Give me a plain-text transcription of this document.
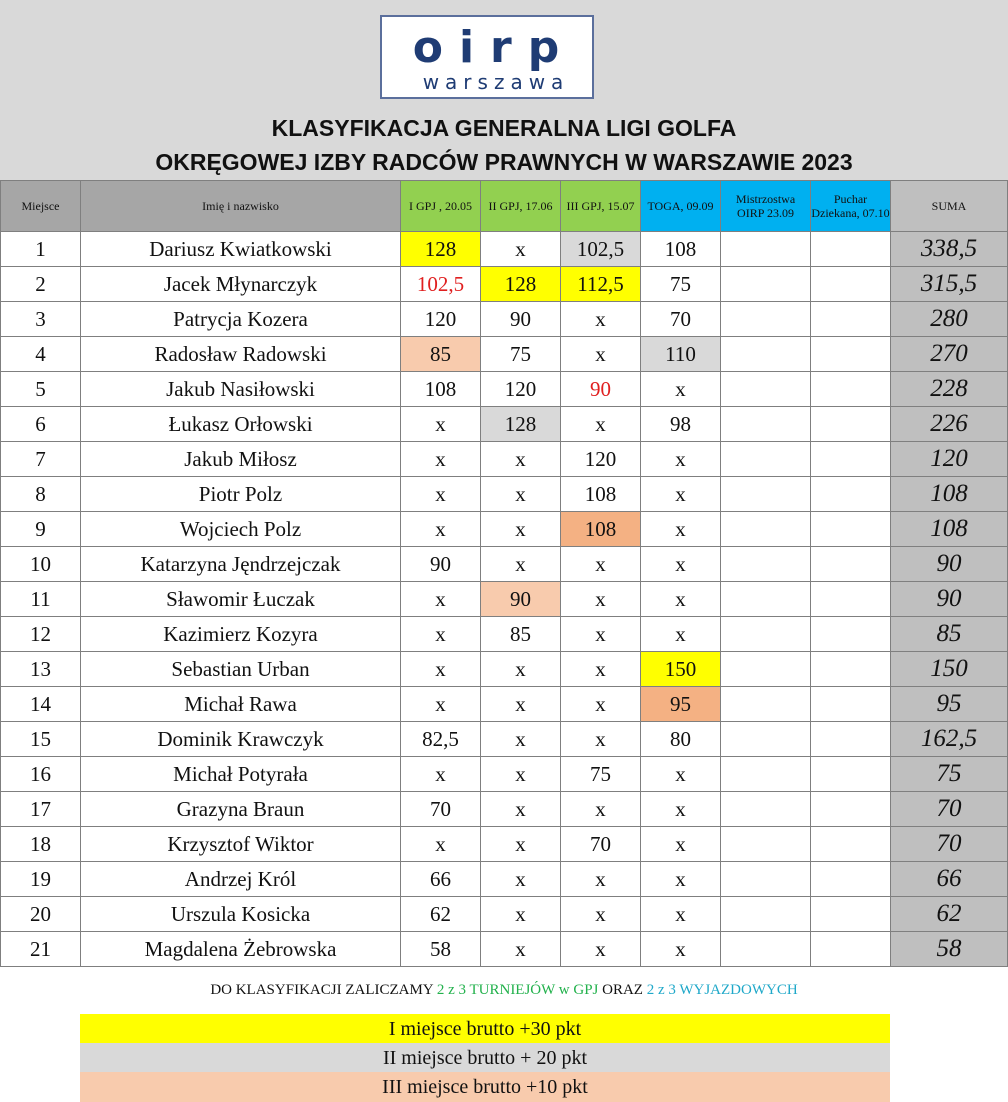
oirp
warszawa
KLASYFIKACJA GENERALNA LIGI GOLFA
OKRĘGOWEJ IZBY RADCÓW PRAWNYCH W WARSZAWIE 2023
Miejsce	Imię i nazwisko	I GPJ , 20.05	II GPJ, 17.06	III GPJ, 15.07	TOGA, 09.09	Mistrzostwa OIRP 23.09	Puchar Dziekana, 07.10	SUMA
1	Dariusz Kwiatkowski	128	x	102,5	108			338,5
2	Jacek Młynarczyk	102,5	128	112,5	75			315,5
3	Patrycja Kozera	120	90	x	70			280
4	Radosław Radowski	85	75	x	110			270
5	Jakub Nasiłowski	108	120	90	x			228
6	Łukasz Orłowski	x	128	x	98			226
7	Jakub Miłosz	x	x	120	x			120
8	Piotr Polz	x	x	108	x			108
9	Wojciech Polz	x	x	108	x			108
10	Katarzyna Jęndrzejczak	90	x	x	x			90
11	Sławomir Łuczak	x	90	x	x			90
12	Kazimierz Kozyra	x	85	x	x			85
13	Sebastian Urban	x	x	x	150			150
14	Michał Rawa	x	x	x	95			95
15	Dominik Krawczyk	82,5	x	x	80			162,5
16	Michał Potyrała	x	x	75	x			75
17	Grazyna Braun	70	x	x	x			70
18	Krzysztof Wiktor	x	x	70	x			70
19	Andrzej Król	66	x	x	x			66
20	Urszula Kosicka	62	x	x	x			62
21	Magdalena Żebrowska	58	x	x	x			58
DO KLASYFIKACJI ZALICZAMY 2 z 3 TURNIEJÓW w GPJ ORAZ 2 z 3 WYJAZDOWYCH
I miejsce brutto +30 pkt
II miejsce brutto + 20 pkt
III miejsce brutto +10 pkt
